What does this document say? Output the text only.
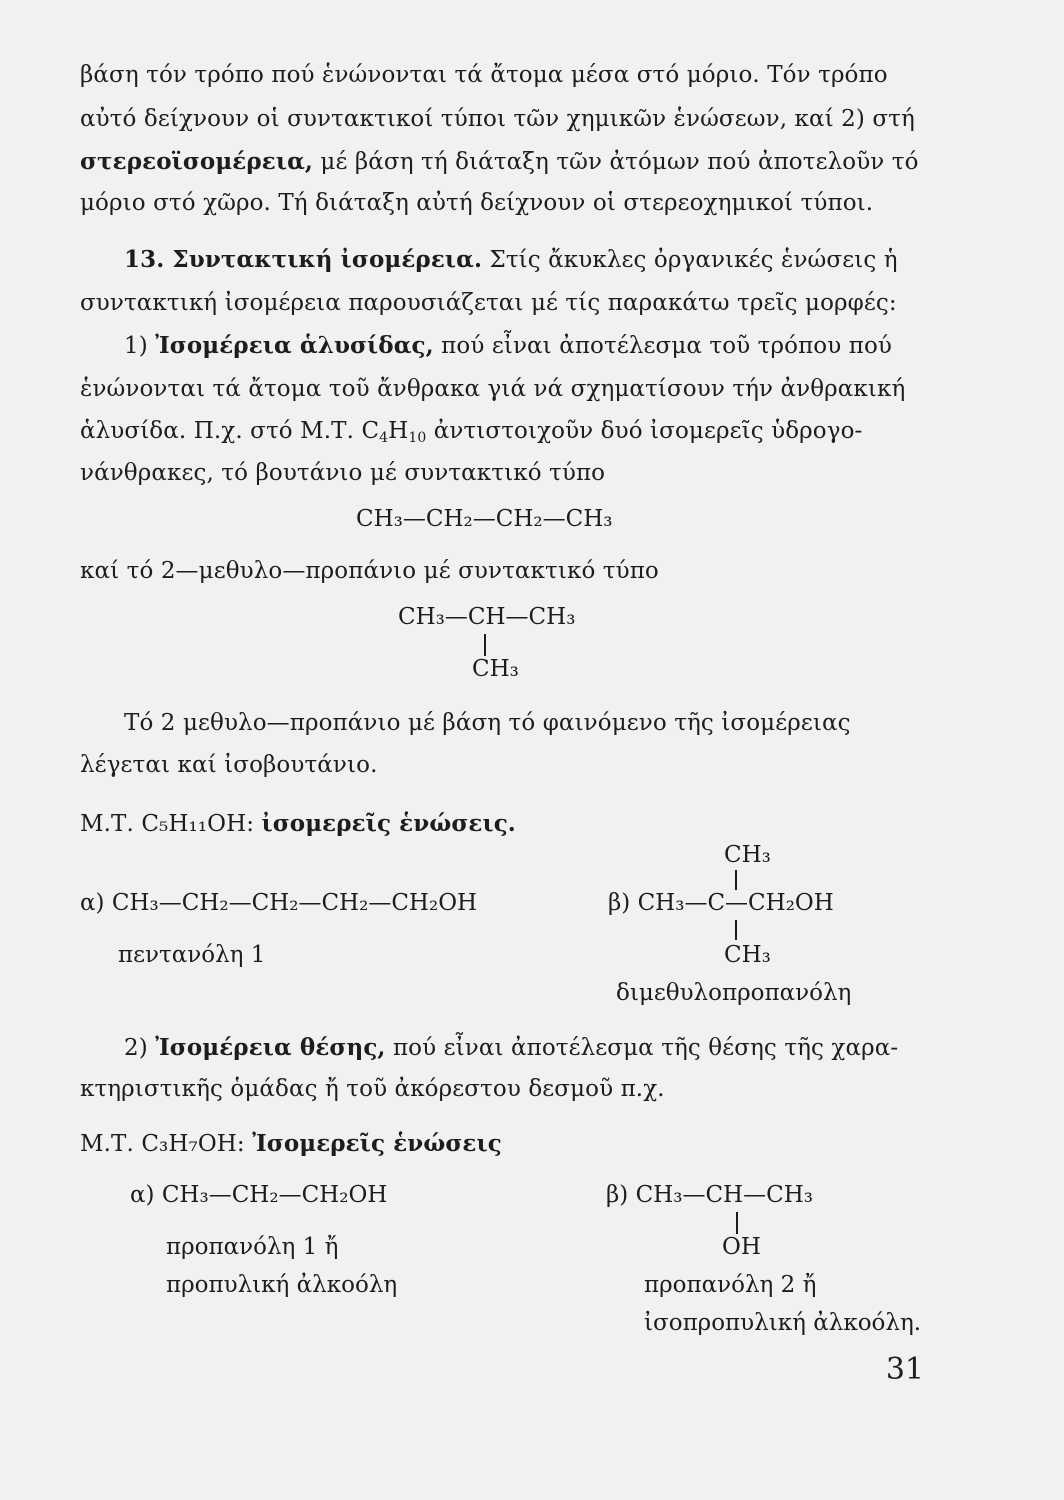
βάση τόν τρόπο πού ἑνώνονται τά ἄτομα μέσα στό μόριο. Τόν τρόπο
αὐτό δείχνουν οἱ συντακτικοί τύποι τῶν χημικῶν ἑνώσεων, καί 2) στή
στερεοϊσομέρεια, μέ βάση τή διάταξη τῶν ἀτόμων πού ἀποτελοῦν τό
μόριο στό χῶρο. Τή διάταξη αὐτή δείχνουν οἱ στερεοχημικοί τύποι.
13. Συντακτική ἰσομέρεια. Στίς ἄκυκλες ὀργανικές ἑνώσεις ἡ
συντακτική ἰσομέρεια παρουσιάζεται μέ τίς παρακάτω τρεῖς μορφές:
1) Ἰσομέρεια ἁλυσίδας, πού εἶναι ἀποτέλεσμα τοῦ τρόπου πού
ἑνώνονται τά ἄτομα τοῦ ἄνθρακα γιά νά σχηματίσουν τήν ἀνθρακική
ἁλυσίδα. Π.χ. στό Μ.Τ. $C_4H_{10}$ ἀντιστοιχοῦν δυό ἰσομερεῖς ὑδρογο-
νάνθρακες, τό βουτάνιο μέ συντακτικό τύπο
CH₃—CH₂—CH₂—CH₃
καί τό 2—μεθυλο—προπάνιο μέ συντακτικό τύπο
CH₃—CH—CH₃
CH₃
Τό 2 μεθυλο—προπάνιο μέ βάση τό φαινόμενο τῆς ἰσομέρειας
λέγεται καί ἰσοβουτάνιο.
Μ.Τ. C₅H₁₁OH: ἰσομερεῖς ἑνώσεις.
CH₃
α) CH₃—CH₂—CH₂—CH₂—CH₂OH	β) CH₃—C—CH₂OH
πεντανόλη 1	CH₃
διμεθυλοπροπανόλη
2) Ἰσομέρεια θέσης, πού εἶναι ἀποτέλεσμα τῆς θέσης τῆς χαρα-
κτηριστικῆς ὁμάδας ἤ τοῦ ἀκόρεστου δεσμοῦ π.χ.
Μ.Τ. C₃H₇OH: Ἰσομερεῖς ἑνώσεις
α) CH₃—CH₂—CH₂OH	β) CH₃—CH—CH₃
προπανόλη 1 ἤ	OH
προπυλική ἀλκοόλη	προπανόλη 2 ἤ
ἰσοπροπυλική ἀλκοόλη.
31
